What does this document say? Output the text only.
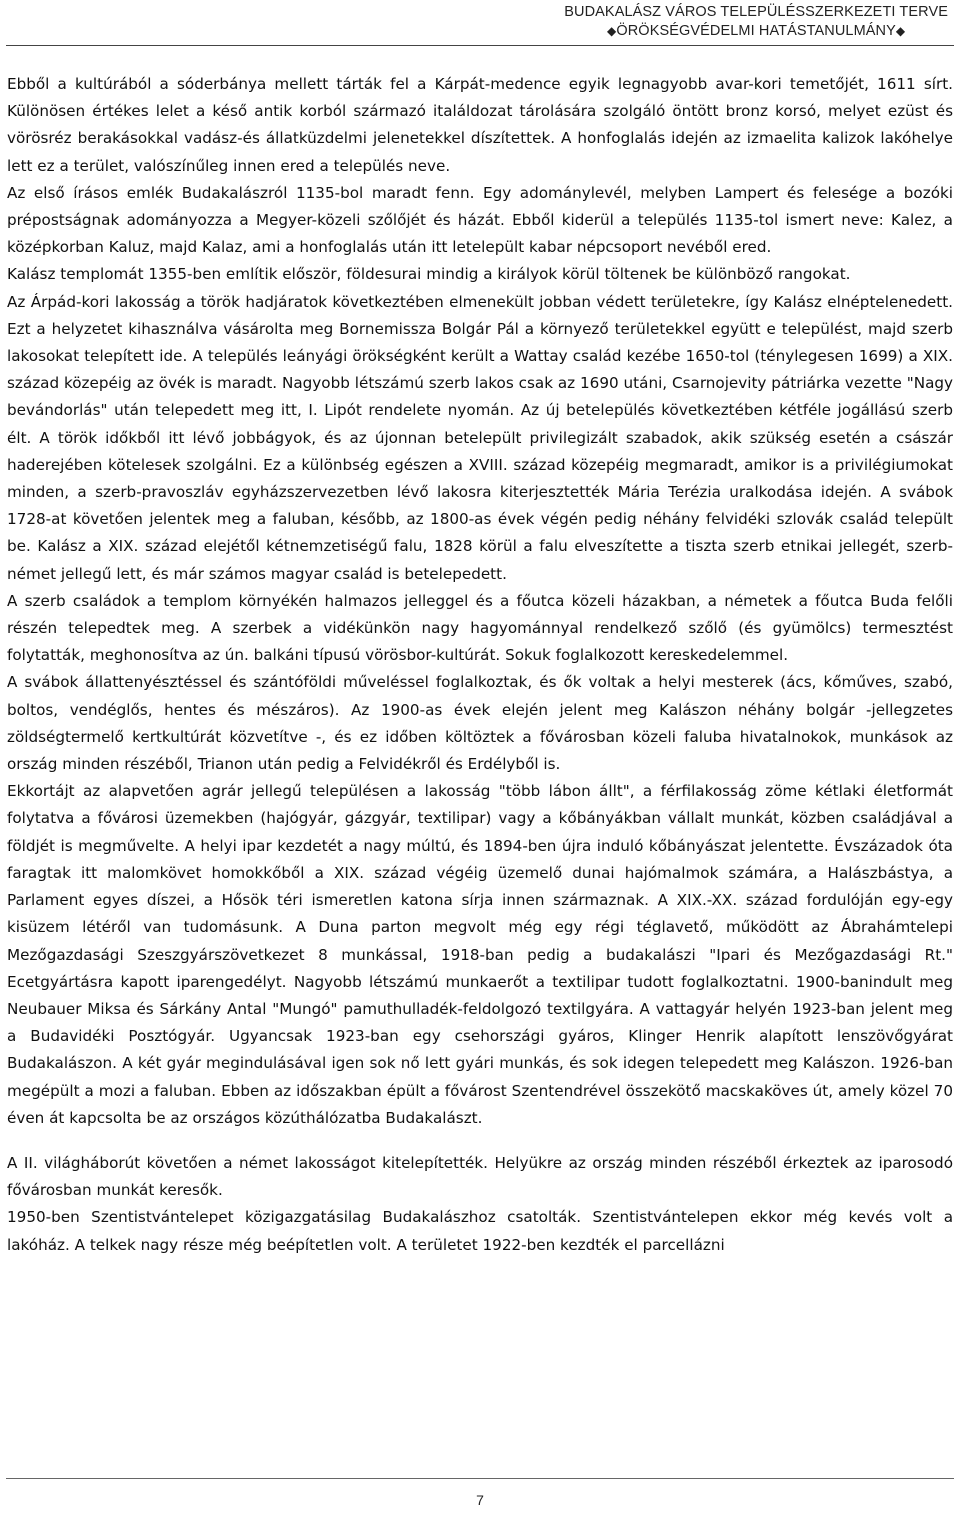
BUDAKALÁSZ VÁROS TELEPÜLÉSSZERKEZETI TERVE
◆ÖRÖKSÉGVÉDELMI HATÁSTANULMÁNY◆

Ebből a kultúrából a sóderbánya mellett tárták fel a Kárpát-medence egyik legnagyobb avar-kori temetőjét, 1611 sírt. Különösen értékes lelet a késő antik korból származó italáldozat tárolására szolgáló öntött bronz korsó, melyet ezüst és vörösréz berakásokkal vadász-és állatküzdelmi jelenetekkel díszítettek. A honfoglalás idején az izmaelita kalizok lakóhelye lett ez a terület, valószínűleg innen ered a település neve.

Az első írásos emlék Budakalászról 1135-bol maradt fenn. Egy adománylevél, melyben Lampert és felesége a bozóki prépostságnak adományozza a Megyer-közeli szőlőjét és házát. Ebből kiderül a település 1135-tol ismert neve: Kalez, a középkorban Kaluz, majd Kalaz, ami a honfoglalás után itt letelepült kabar népcsoport nevéből ered.

Kalász templomát 1355-ben említik először, földesurai mindig a királyok körül töltenek be különböző rangokat.

Az Árpád-kori lakosság a török hadjáratok következtében elmenekült jobban védett területekre, így Kalász elnéptelenedett. Ezt a helyzetet kihasználva vásárolta meg Bornemissza Bolgár Pál a környező területekkel együtt e települést, majd szerb lakosokat telepített ide. A település leányági örökségként került a Wattay család kezébe 1650-tol (ténylegesen 1699) a XIX. század közepéig az övék is maradt. Nagyobb létszámú szerb lakos csak az 1690 utáni, Csarnojevity pátriárka vezette "Nagy bevándorlás" után telepedett meg itt, I. Lipót rendelete nyomán. Az új betelepülés következtében kétféle jogállású szerb élt. A török időkből itt lévő jobbágyok, és az újonnan betelepült privilegizált szabadok, akik szükség esetén a császár haderejében kötelesek szolgálni. Ez a különbség egészen a XVIII. század közepéig megmaradt, amikor is a privilégiumokat minden, a szerb-pravoszláv egyházszervezetben lévő lakosra kiterjesztették Mária Terézia uralkodása idején. A svábok 1728-at követően jelentek meg a faluban, később, az 1800-as évek végén pedig néhány felvidéki szlovák család települt be. Kalász a XIX. század elejétől kétnemzetiségű falu, 1828 körül a falu elveszítette a tiszta szerb etnikai jellegét, szerb-német jellegű lett, és már számos magyar család is betelepedett.

A szerb családok a templom környékén halmazos jelleggel és a főutca közeli házakban, a németek a főutca Buda felőli részén telepedtek meg. A szerbek a vidékünkön nagy hagyománnyal rendelkező szőlő (és gyümölcs) termesztést folytatták, meghonosítva az ún. balkáni típusú vörösbor-kultúrát. Sokuk foglalkozott kereskedelemmel.

A svábok állattenyésztéssel és szántóföldi műveléssel foglalkoztak, és ők voltak a helyi mesterek (ács, kőműves, szabó, boltos, vendéglős, hentes és mészáros). Az 1900-as évek elején jelent meg Kalászon néhány bolgár -jellegzetes zöldségtermelő kertkultúrát közvetítve -, és ez időben költöztek a fővárosban közeli faluba hivatalnokok, munkások az ország minden részéből, Trianon után pedig a Felvidékről és Erdélyből is.

Ekkortájt az alapvetően agrár jellegű településen a lakosság "több lábon állt", a férfilakosság zöme kétlaki életformát folytatva a fővárosi üzemekben (hajógyár, gázgyár, textilipar) vagy a kőbányákban vállalt munkát, közben családjával a földjét is megművelte. A helyi ipar kezdetét a nagy múltú, és 1894-ben újra induló kőbányászat jelentette. Évszázadok óta faragtak itt malomkövet homokkőből a XIX. század végéig üzemelő dunai hajómalmok számára, a Halászbástya, a Parlament egyes díszei, a Hősök téri ismeretlen katona sírja innen származnak. A XIX.-XX. század fordulóján egy-egy kisüzem létéről van tudomásunk. A Duna parton megvolt még egy régi téglavető, működött az Ábrahámtelepi Mezőgazdasági Szeszgyárszövetkezet 8 munkással, 1918-ban pedig a budakalászi "Ipari és Mezőgazdasági Rt." Ecetgyártásra kapott iparengedélyt. Nagyobb létszámú munkaerőt a textilipar tudott foglalkoztatni. 1900-banindult meg Neubauer Miksa és Sárkány Antal "Mungó" pamuthulladék-feldolgozó textilgyára. A vattagyár helyén 1923-ban jelent meg a Budavidéki Posztógyár. Ugyancsak 1923-ban egy csehországi gyáros, Klinger Henrik alapított lenszövőgyárat Budakalászon. A két gyár megindulásával igen sok nő lett gyári munkás, és sok idegen telepedett meg Kalászon. 1926-ban megépült a mozi a faluban. Ebben az időszakban épült a fővárost Szentendrével összekötő macskaköves út, amely közel 70 éven át kapcsolta be az országos közúthálózatba Budakalászt.

A II. világháborút követően a német lakosságot kitelepítették. Helyükre az ország minden részéből érkeztek az iparosodó fővárosban munkát keresők.

1950-ben Szentistvántelepet közigazgatásilag Budakalászhoz csatolták. Szentistvántelepen ekkor még kevés volt a lakóház. A telkek nagy része még beépítetlen volt. A területet 1922-ben kezdték el parcellázni

7
